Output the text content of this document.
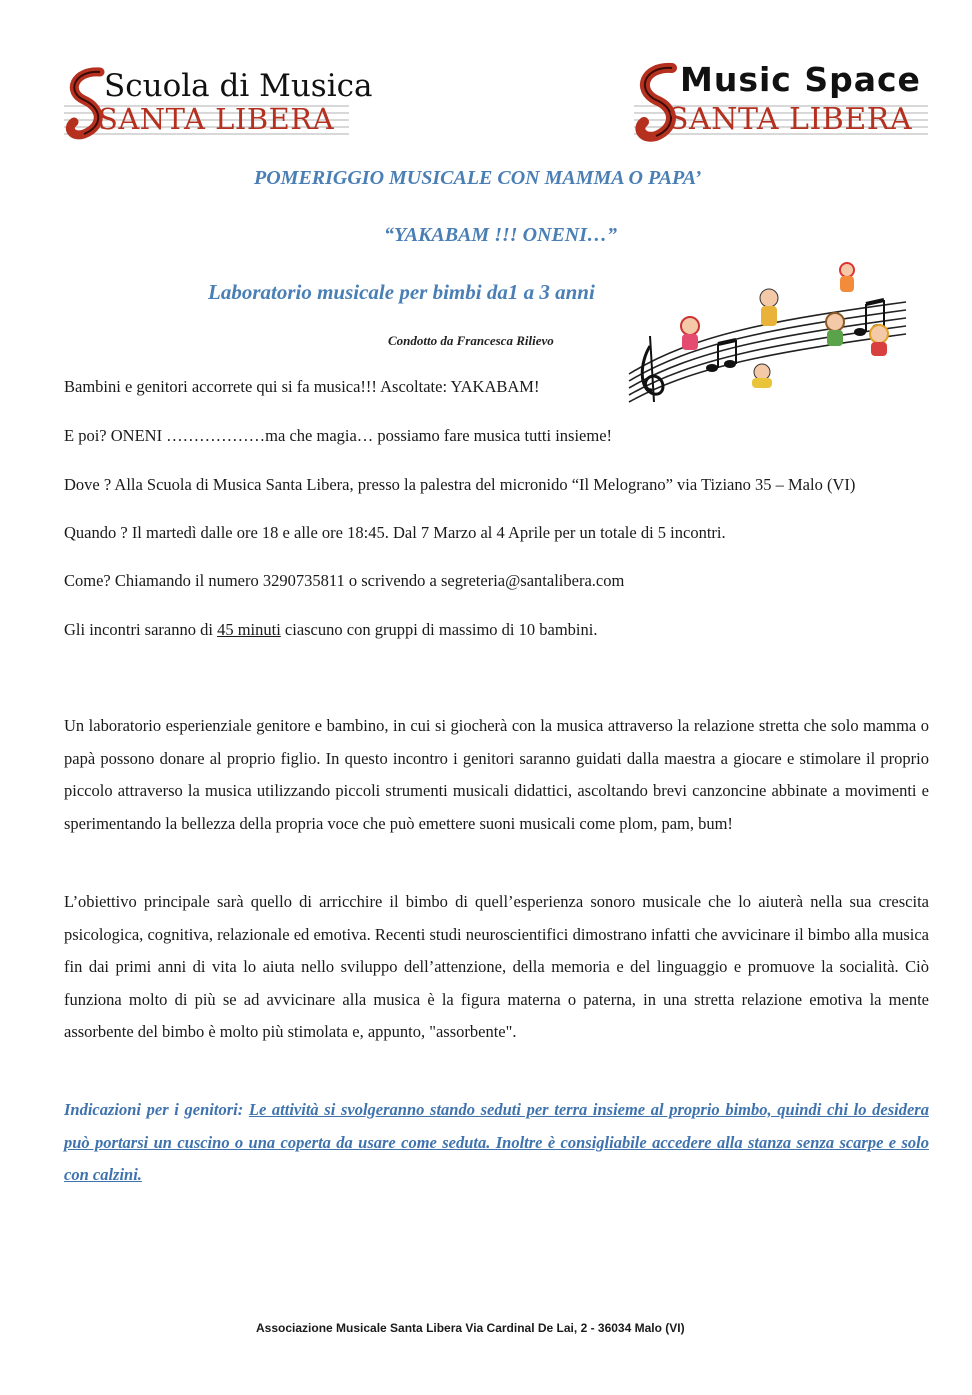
Scuola di Musica
SANTA LIBERA
Music Space
SANTA LIBERA
POMERIGGIO MUSICALE CON MAMMA O PAPA’
“YAKABAM !!! ONENI…”
Laboratorio musicale per bimbi da1 a 3 anni
Condotto da Francesca Rilievo
Bambini e genitori accorrete qui si fa musica!!! Ascoltate: YAKABAM!
E poi? ONENI ………………ma che magia… possiamo fare musica tutti insieme!
Dove ? Alla Scuola di Musica Santa Libera, presso la palestra del micronido “Il Melograno” via Tiziano 35 – Malo (VI)
Quando ? Il martedì dalle ore 18 e alle ore 18:45. Dal 7 Marzo al 4 Aprile per un totale di 5 incontri.
Come? Chiamando il numero 3290735811 o scrivendo a segreteria@santalibera.com
Gli incontri saranno di 45 minuti ciascuno con gruppi di massimo di 10 bambini.
Un laboratorio esperienziale genitore e bambino, in cui si giocherà con la musica attraverso la relazione stretta che solo mamma o papà possono donare al proprio figlio. In questo incontro i genitori saranno guidati dalla maestra a giocare e stimolare il proprio piccolo attraverso la musica utilizzando piccoli strumenti musicali didattici, ascoltando brevi canzoncine abbinate a movimenti e sperimentando la bellezza della propria voce che può emettere suoni musicali come plom, pam, bum!
L’obiettivo principale sarà quello di arricchire il bimbo di quell’esperienza sonoro musicale che lo aiuterà nella sua crescita psicologica, cognitiva, relazionale ed emotiva. Recenti studi neuroscientifici dimostrano infatti che avvicinare il bimbo alla musica fin dai primi anni di vita lo aiuta nello sviluppo dell’attenzione, della memoria e del linguaggio e promuove la socialità. Ciò funziona molto di più se ad avvicinare alla musica è la figura materna o paterna, in una stretta relazione emotiva la mente assorbente del bimbo è molto più stimolata e, appunto, "assorbente".
Indicazioni per i genitori: Le attività si svolgeranno stando seduti per terra insieme al proprio bimbo, quindi chi lo desidera può portarsi un cuscino o una coperta da usare come seduta. Inoltre è consigliabile accedere alla stanza senza scarpe e solo con calzini.
Associazione Musicale Santa Libera Via Cardinal De Lai, 2 - 36034 Malo (VI)
